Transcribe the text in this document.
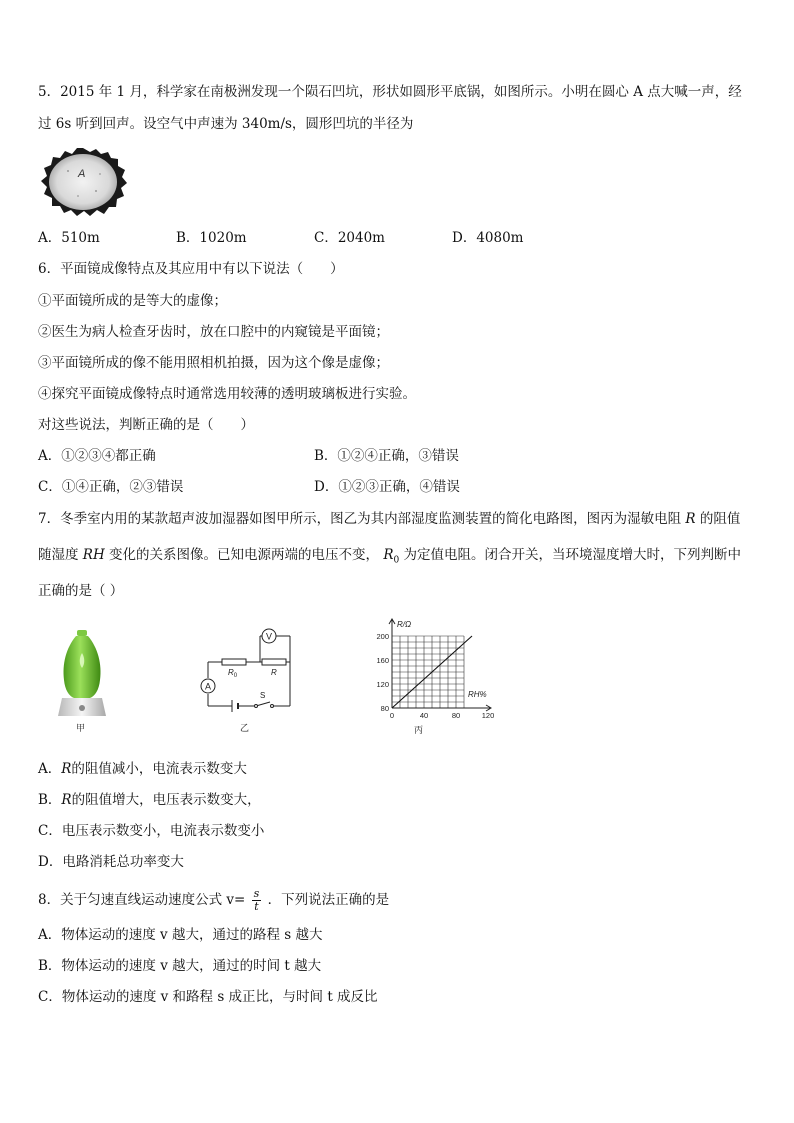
5．2015 年 1 月，科学家在南极洲发现一个陨石凹坑，形状如圆形平底锅，如图所示。小明在圆心 A 点大喊一声，经
过 6s 听到回声。设空气中声速为 340m/s，圆形凹坑的半径为
A
A．510m	B．1020m	C．2040m	D．4080m
6．平面镜成像特点及其应用中有以下说法（　　）
①平面镜所成的是等大的虚像；
②医生为病人检查牙齿时，放在口腔中的内窥镜是平面镜；
③平面镜所成的像不能用照相机拍摄，因为这个像是虚像；
④探究平面镜成像特点时通常选用较薄的透明玻璃板进行实验。
对这些说法，判断正确的是（　　）
A．①②③④都正确	B．①②④正确，③错误
C．①④正确，②③错误	D．①②③正确，④错误
7．冬季室内用的某款超声波加湿器如图甲所示，图乙为其内部湿度监测装置的简化电路图，图丙为湿敏电阻 R 的阻值
随湿度 RH 变化的关系图像。已知电源两端的电压不变， $R_0$ 为定值电阻。闭合开关，当环境湿度增大时，下列判断中
正确的是（ ）
甲
V
$R_0$	R
A
S
乙
R/Ω
RH%
80
120
160
200
0	40	80	120
丙
A．R的阻值减小，电流表示数变大
B．R的阻值增大，电压表示数变大，
C．电压表示数变小，电流表示数变小
D．电路消耗总功率变大
8．关于匀速直线运动速度公式 $v= \frac{s}{t}$ ．下列说法正确的是
A．物体运动的速度 v 越大，通过的路程 s 越大
B．物体运动的速度 v 越大，通过的时间 t 越大
C．物体运动的速度 v 和路程 s 成正比，与时间 t 成反比
